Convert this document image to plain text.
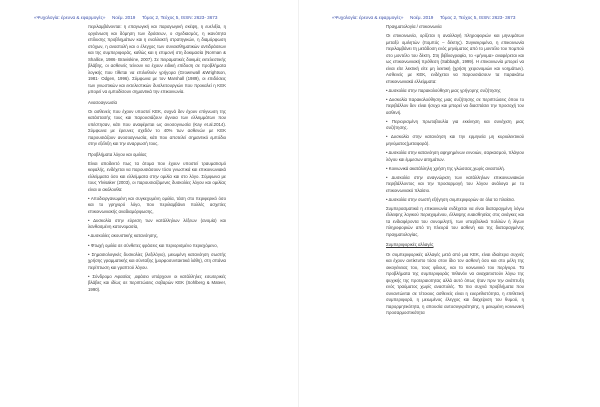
«Ψυχολογία: έρευνα & εφαρμογές» Νοέμ. 2019 Τόμος 2, Τεύχος 5, ISSN: 2623- 3673

περιλαμβάνονται: η επαγωγική και παραγωγική σκέψη, η ευελιξία, η οργάνωση και δόμηση των δράσεων, ο σχεδιασμός, η ικανότητα επίλυσης προβλημάτων και η εναλλακτή στρατηγικών, η διαμόρφωση στόχων, η αναστολή και ο έλεγχος των συναισθηματικών αντιδράσεων και της συμπεριφοράς, καθώς και η επιμονή στη δοκιμασία (Norman & Shallice, 1986· Braviskine, 2007). Σε πειραματικές δοκιμές εκτελεστικής βλάβης, οι ασθενείς τείνουν να έχουν ειδική επίδοση σε προβλήματα λογικής που τίθεται να επιλυθούν γρήγορα (Grownwall &Wrightson, 1981· Odgen, 1996). Σύμφωνα με τον Marshall (1989), οι επιδόσεις των γνωστικών και εκτελεστικών δυσλειτουργιών που προκαλεί η ΚΕΚ μπορεί να εμποδίσουν σημαντικά την επικοινωνία.

Ανασοαγνωσία

Οι ασθενείς που έχουν υποστεί ΚΕΚ, συχνά δεν έχουν επίγνωση της κατάστασής τους και παρουσιάζουν άγνοια των ελλειμμάτων που υπέστησαν, κάτι που αναφέρεται ως ανοσογνωσία (Kay et.al.2014). Σύμφωνα με έρευνες σχεδόν το 40% των ασθενών με ΚΕΚ παρουσιάζουν ανοσοαγνωσία, κάτι που αποτελεί σημαντικό εμπόδιο στην εξέλιξη και την αναρρωσή τους.

Προβλήματα λόγου και ομιλίας

Είναι αποδεκτό πως τα άτομα που έχουν υποστεί τραυματισμό κεφαλής, ενδέχεται να παρουσιάσουν τόσο γνωστικά και επικοινωνιακά ελλείμματα όσο και ελλείμματα στην ομιλία και στο λόγο. Σύμφωνα με τους Ylvisaker (2003), οι παρουσιαζόμενες δυσκολίες λόγου και ομιλίας είναι οι ακόλουθα:

• Αποδιοργανωμένη και συγκεχυμένη ομιλία, τάση στο περιφερικό όσο και το γρηγορό λόγο, που περιλαμβάνει πολλές ασχετίες επικοινωνιακής αναδιαμόρφωσης,

• Δυσκολία στην εύρεση των κατάλληλων λέξεων (ανομία) και λανθασμένη κατονομασία,

• Δυσκολίες ακουστικής κατανόησης,

• Φτωχή ομιλία σε σύνθετες φράσεις και περιορισμένο περιεχόμενο,

• Σημασιολογικές δυσκολίες (λεξιλόγιο), μειωμένη κατανόηση σωστής χρήσης γραμματικής και σύνταξης (μορφοσυντακτικά λάθη), στη σπάνια περίπτωση και γραπτού λόγου.

• Σύνδρομο Αφασίας ,αφάσιο υπάρχουν οι κατάλληλες εσωτερικές βλάβες και ιδίως σε περιπτώσεις σοβαρών ΚΕΚ (Sohlberg & Mateer, 1990).

«Ψυχολογία: έρευνα & εφαρμογές» Νοέμ. 2019 Τόμος 2, Τεύχος 5, ISSN: 2623- 3673

Πραγματολογία / επικοινωνία

Οι επικοινωνία, ορίζεται η αναλλαγή πληροφοριών και μηνυμάτων μεταξύ ομιλητών (πομπός – δέκτης). Συγκεκριμένα, η επικοινωνία περιλαμβάνει τη μετάδοση ενός μηνύματος από το μοντέλο του πομπού στο μοντέλο του δέκτη. Στη βιβλιογραφία, το «μήνυμα» αναφέρεται και ως επικοινωνιακή πρόθεση (Sabbagh, 1999). Η επικοινωνία μπορεί να είναι είτε λεκτική είτε μη λεκτική (χρήση χειρονομιών και νοημάτων). Ασθενείς με ΚΕΚ, ενδέχεται να παρουσιάσουν τα παρακάτω επικοινωνιακά ελλείμματα:

• Δυσκολία στην παρακολούθηση μιας γρήγορης συζήτησης

• Δυσκολία παρακολούθησης μιας συζήτησης σε περιπτώσεις όπου το περιβάλλον δεν είναι ήσυχο και μπορεί να διασπάσει την προσοχή του ασθενή.

• Περιορισμένη πρωτοβουλία για εκκίνηση και συνέχιση μιας συζήτησης.

• Δυσκολία στην κατανόηση και την ερμηνεία μη κυριολεκτικού μηνύματος(μεταφορά).

• Δυσκολία στην κατανόηση αφηρημένων εννοιών, σαρκασμού, πλάγιου λόγου και έμμεσων αιτημάτων.

• Κοινωνικά ακατάλληλη χρήση της γλώσσας,χωρίς αναστολή.

• Δυσκολία στην αναγνώριση των κατάλληλων επικοινωνιακών περιβάλλοντος και την προσαρμογή του λόγου ανάλογα με το επικοινωνιακό πλαίσιο.

• Δυσκολία στην σωστή εξήγηση συμπεριφορών σε όλα τα πλαίσια.

Συμπερασματικά η επικοινωνία ενδέχεται να είναι διαταραγμένη λόγω έλλειψης λογικού περιεχομένου, έλλειψης ευαισθησίας στις ανάγκες και τα ενδιαφέροντα του συνομιλητή, των υπερβολικά πολλών ή λίγων πληροφοριών από τη πλευρά του ασθενή και της διαταραγμένης πραγματολογίας.

Συμπεριφορικές αλλαγές

Οι συμπεριφορικές αλλαγές μετά από μια ΚΕΚ, είναι ιδιαίτερα συχνές και έχουν αντίκτυπο τόσο στον ίδιο τον ασθενή όσο και στο μέλη της οικογένειας του, τους φίλους, και το κοινωνικό του περίγυρο. Τα προβλήματα της συμπεριφοράς πιθανόν να αναχαιτιστούν λόγω της ψυχικής της προτεραιοτητας αλλά αυτό όπως ήταν πριν την ανάπτυξη ενός τραύματος χωρίς αναστολές. Τα πιο συχνά προβλήματα που συναντώνται σε τέτοιους ασθενείς είναι η ευερεθιστότητα, η επιθετική συμπεριφορά, η μειωμένος έλεγχος και διαχείριση του θυμού, η παρορμητικότητα, η απουσία αυτοσυγκράτησης, η μειωμένη κοινωνική προσαρμοστικότητα
